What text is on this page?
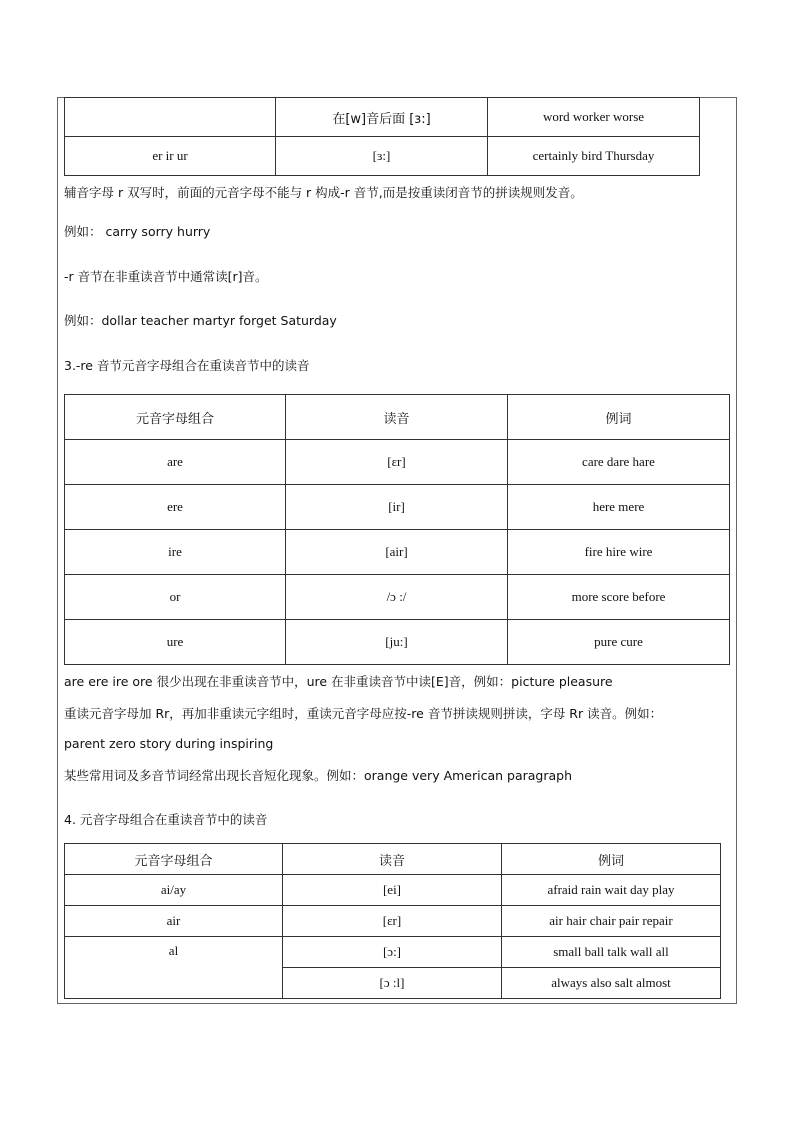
	在[w]音后面 [ɜ:]	word worker worse
er ir ur	[ɜ:]	certainly bird Thursday
辅音字母 r 双写时，前面的元音字母不能与 r 构成-r 音节,而是按重读闭音节的拼读规则发音。
例如： carry sorry hurry
-r 音节在非重读音节中通常读[r]音。
例如：dollar teacher martyr forget Saturday
3.-re 音节元音字母组合在重读音节中的读音
元音字母组合	读音	例词
are	[ɛr]	care dare hare
ere	[ir]	here mere
ire	[air]	fire hire wire
or	/ɔ :/	more score before
ure	[ju:]	pure cure
are ere ire ore 很少出现在非重读音节中，ure 在非重读音节中读[E]音，例如：picture pleasure
重读元音字母加 Rr，再加非重读元字组时，重读元音字母应按-re 音节拼读规则拼读，字母 Rr 读音。例如：
parent zero story during inspiring
某些常用词及多音节词经常出现长音短化现象。例如：orange very American paragraph
4. 元音字母组合在重读音节中的读音
元音字母组合	读音	例词
ai/ay	[ei]	afraid rain wait day play
air	[ɛr]	air hair chair pair repair
al	[ɔ:]	small ball talk wall all
	[ɔ :l]	always also salt almost
